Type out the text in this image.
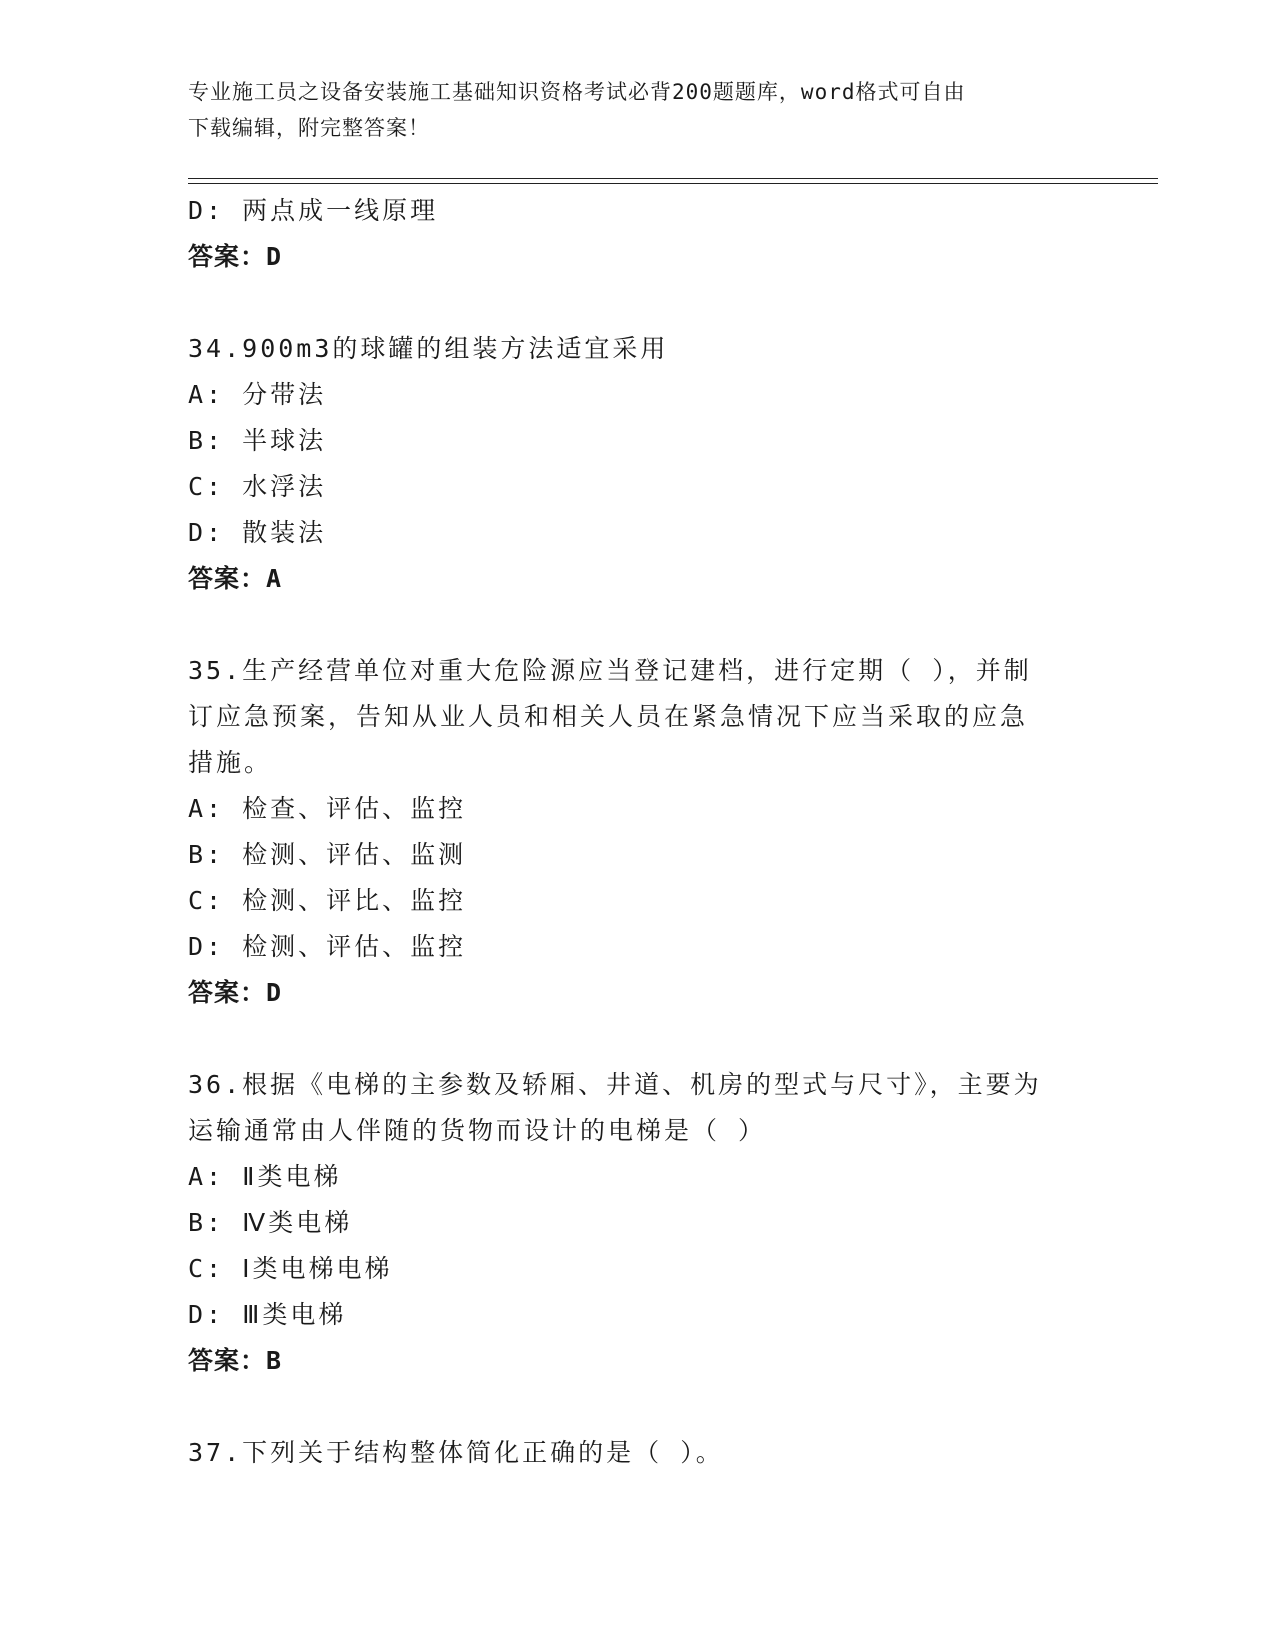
专业施工员之设备安装施工基础知识资格考试必背200题题库，word格式可自由
下载编辑，附完整答案！
D: 两点成一线原理
答案：D
34.900m3的球罐的组装方法适宜采用
A: 分带法
B: 半球法
C: 水浮法
D: 散装法
答案：A
35.生产经营单位对重大危险源应当登记建档，进行定期（ ），并制
订应急预案，告知从业人员和相关人员在紧急情况下应当采取的应急
措施。
A: 检查、评估、监控
B: 检测、评估、监测
C: 检测、评比、监控
D: 检测、评估、监控
答案：D
36.根据《电梯的主参数及轿厢、井道、机房的型式与尺寸》，主要为
运输通常由人伴随的货物而设计的电梯是（ ）
A: Ⅱ类电梯
B: Ⅳ类电梯
C: Ⅰ类电梯电梯
D: Ⅲ类电梯
答案：B
37.下列关于结构整体简化正确的是（ ）。
